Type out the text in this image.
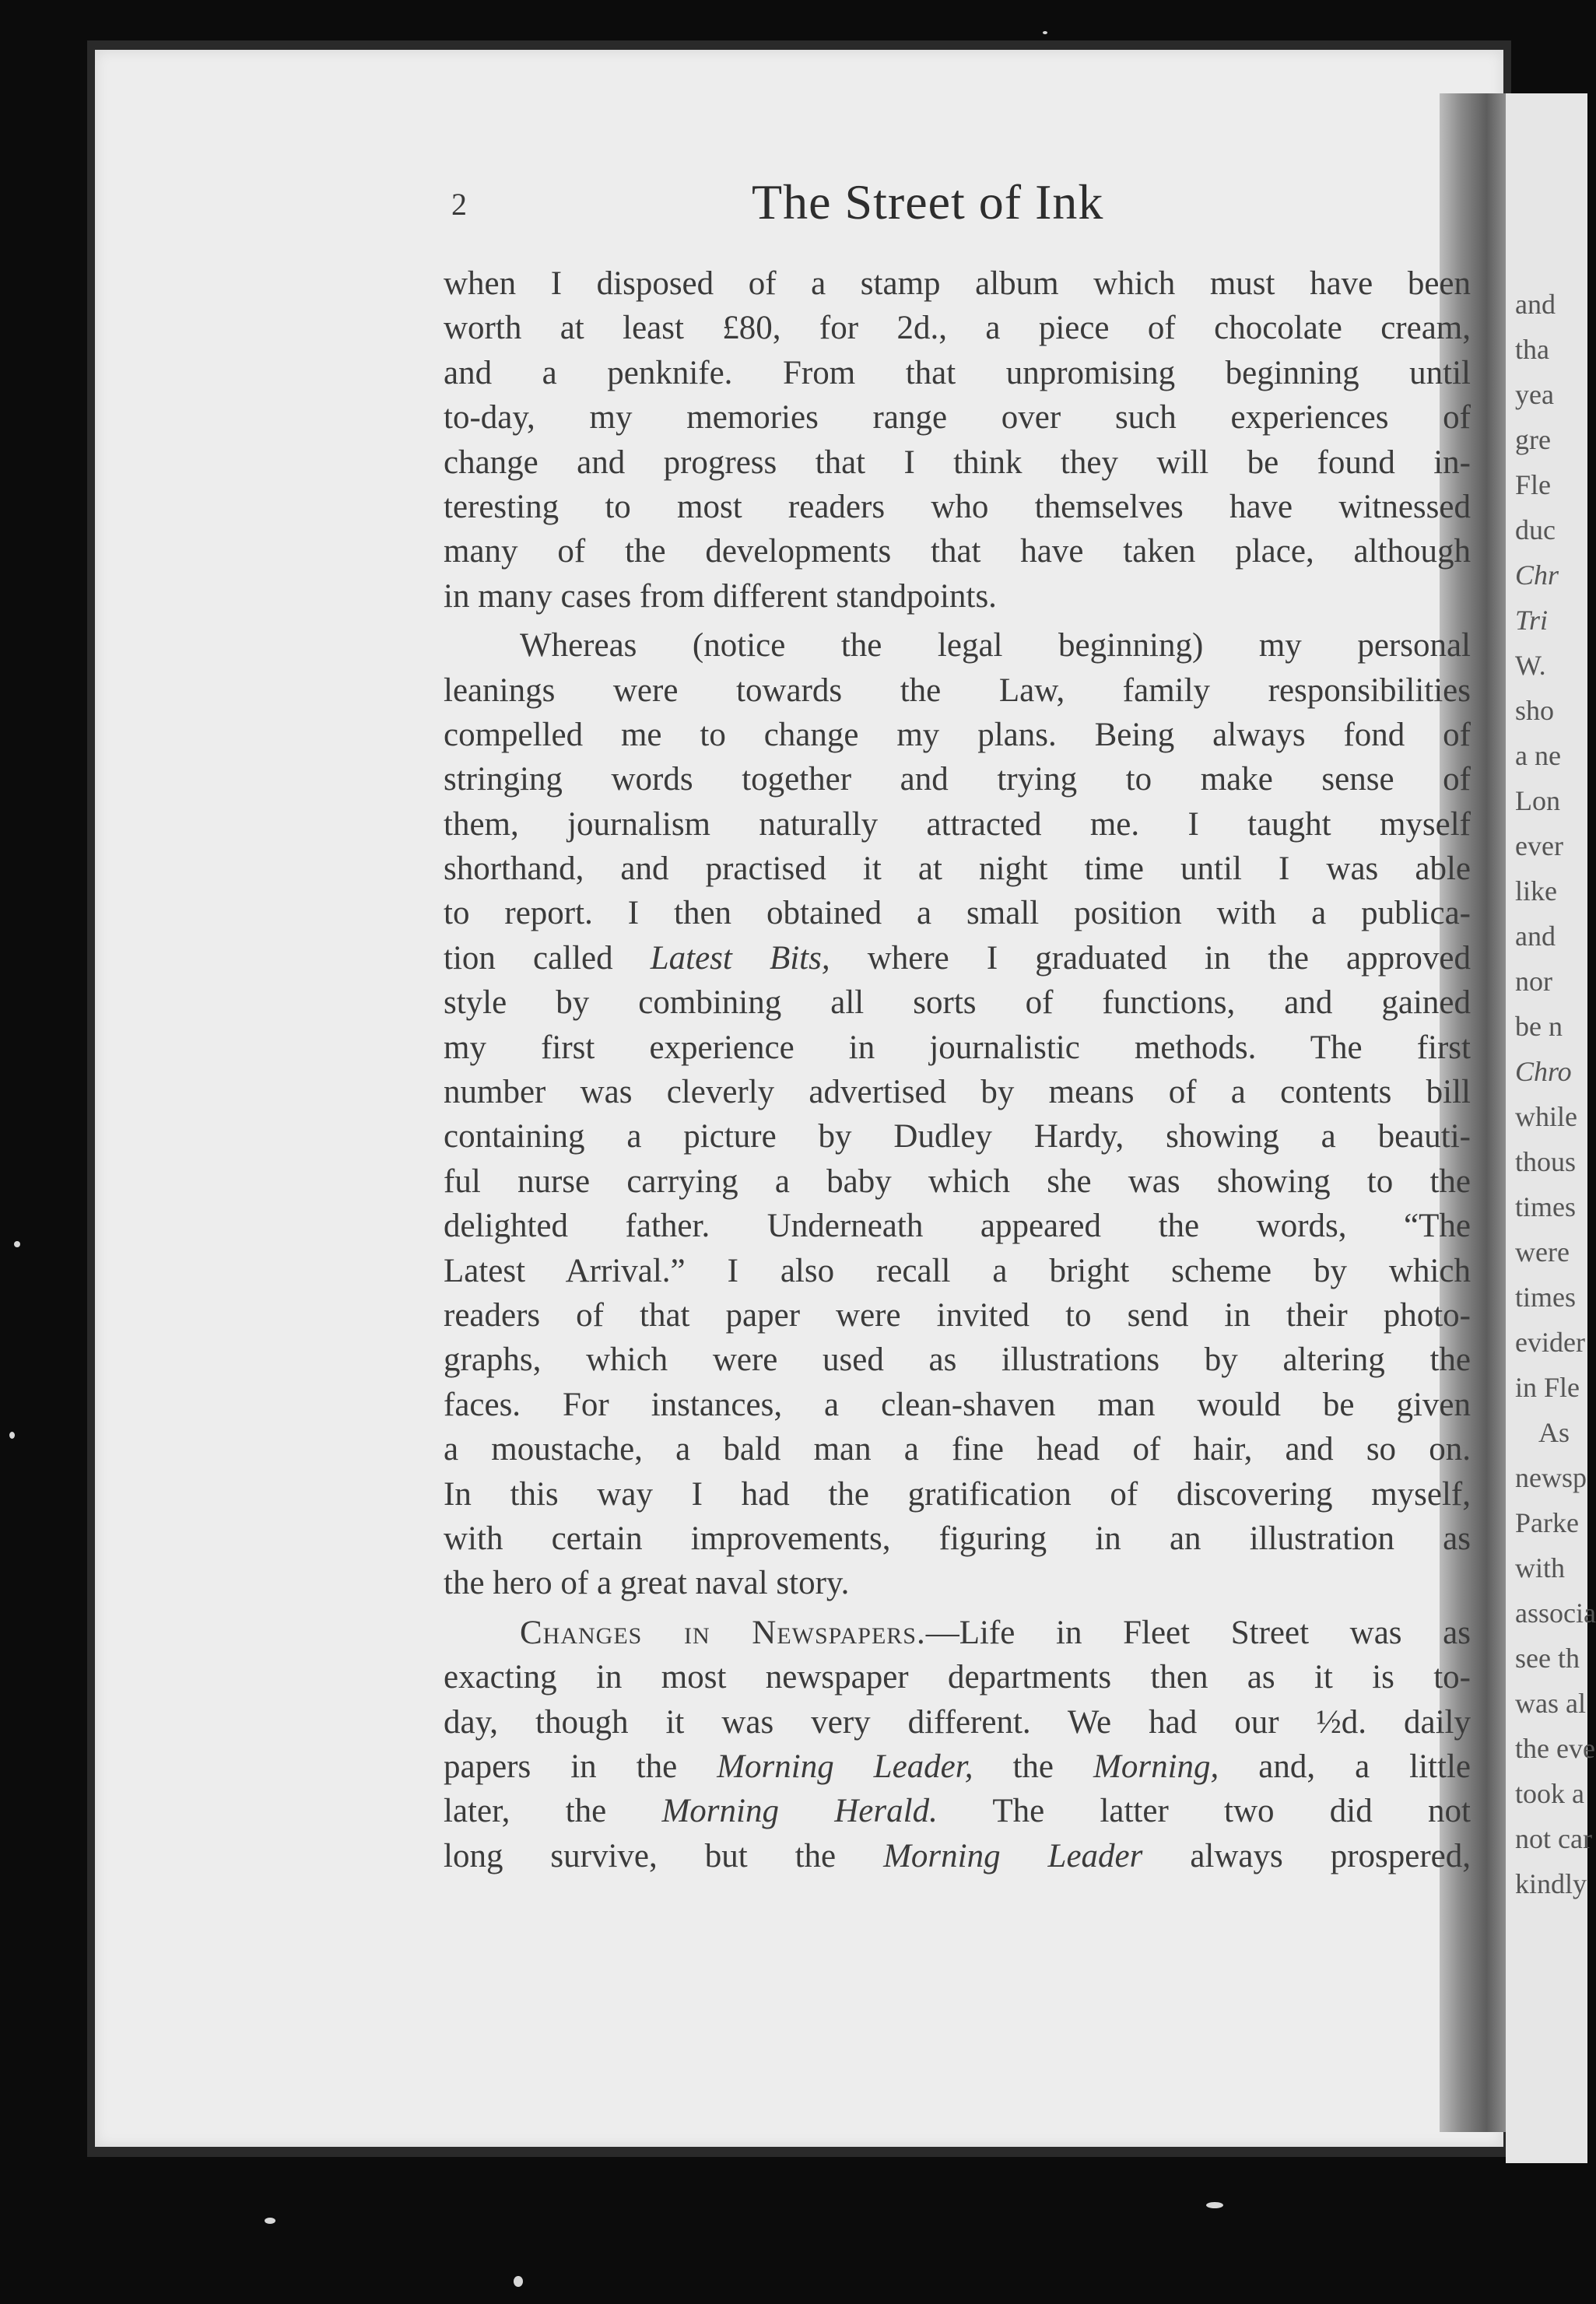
and
tha
yea
gre
Fle
duc
Chr
Tri
W.
sho
a ne
Lon
ever
like
and
nor
be n
Chro
while
thous
times
were
times
evider
in Fle
As
newsp
Parke
with
associa
see th
was al
the eve
took a
not car
kindly
2	The Street of Ink
when I disposed of a stamp album which must have been
worth at least £80, for 2d., a piece of chocolate cream,
and a penknife. From that unpromising beginning until
to-day, my memories range over such experiences of
change and progress that I think they will be found in-
teresting to most readers who themselves have witnessed
many of the developments that have taken place, although
in many cases from different standpoints.
Whereas (notice the legal beginning) my personal
leanings were towards the Law, family responsibilities
compelled me to change my plans. Being always fond of
stringing words together and trying to make sense of
them, journalism naturally attracted me. I taught myself
shorthand, and practised it at night time until I was able
to report. I then obtained a small position with a publica-
tion called Latest Bits, where I graduated in the approved
style by combining all sorts of functions, and gained
my first experience in journalistic methods. The first
number was cleverly advertised by means of a contents bill
containing a picture by Dudley Hardy, showing a beauti-
ful nurse carrying a baby which she was showing to the
delighted father. Underneath appeared the words, “The
Latest Arrival.” I also recall a bright scheme by which
readers of that paper were invited to send in their photo-
graphs, which were used as illustrations by altering the
faces. For instances, a clean-shaven man would be given
a moustache, a bald man a fine head of hair, and so on.
In this way I had the gratification of discovering myself,
with certain improvements, figuring in an illustration as
the hero of a great naval story.
Changes in Newspapers.—Life in Fleet Street was as
exacting in most newspaper departments then as it is to-
day, though it was very different. We had our ½d. daily
papers in the Morning Leader, the Morning, and, a little
later, the Morning Herald. The latter two did not
long survive, but the Morning Leader always prospered,
